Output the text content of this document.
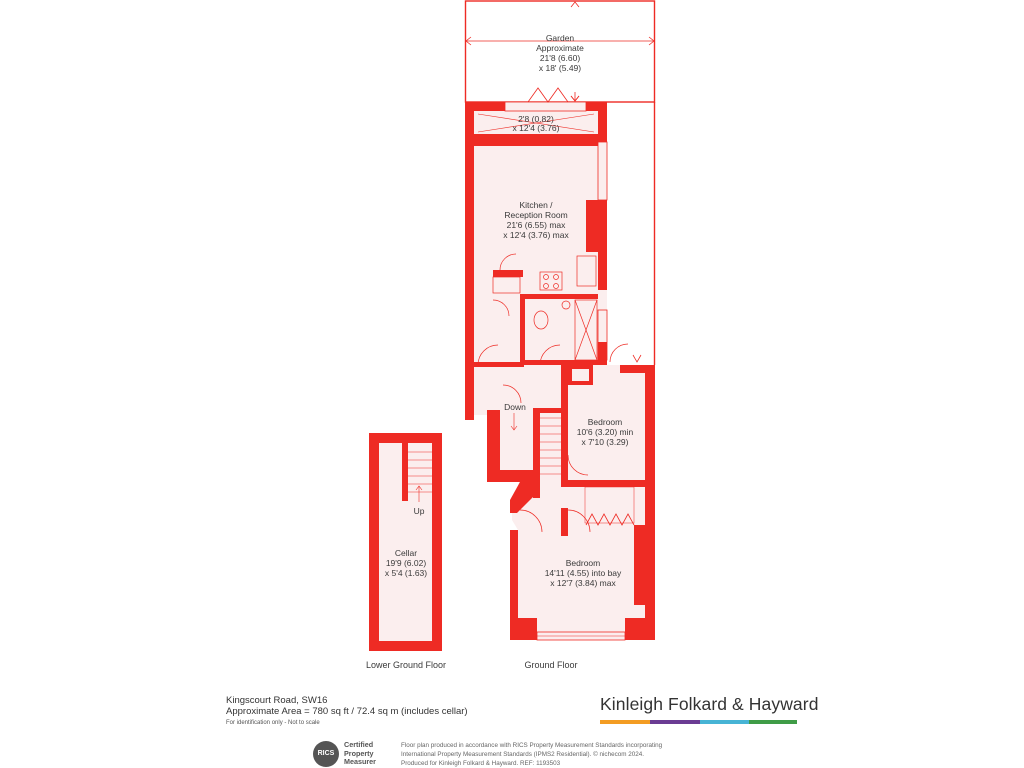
Garden
Approximate
21'8 (6.60)
x 18' (5.49)
2'8 (0.82)
x 12'4 (3.76)
Kitchen /
Reception Room
21'6 (6.55) max
x 12'4 (3.76) max
Bedroom
10'6 (3.20) min
x 7'10 (3.29)
Bedroom
14'11 (4.55) into bay
x 12'7 (3.84) max
Cellar
19'9 (6.02)
x 5'4 (1.63)
Down
Up
Lower Ground Floor	Ground Floor
Kingscourt Road, SW16
Approximate Area = 780 sq ft / 72.4 sq m (includes cellar)
For identification only - Not to scale
Kinleigh Folkard & Hayward
RICS
Certified
Property
Measurer
Floor plan produced in accordance with RICS Property Measurement Standards incorporating
International Property Measurement Standards (IPMS2 Residential). © nichecom 2024.
Produced for Kinleigh Folkard & Hayward. REF: 1193503
